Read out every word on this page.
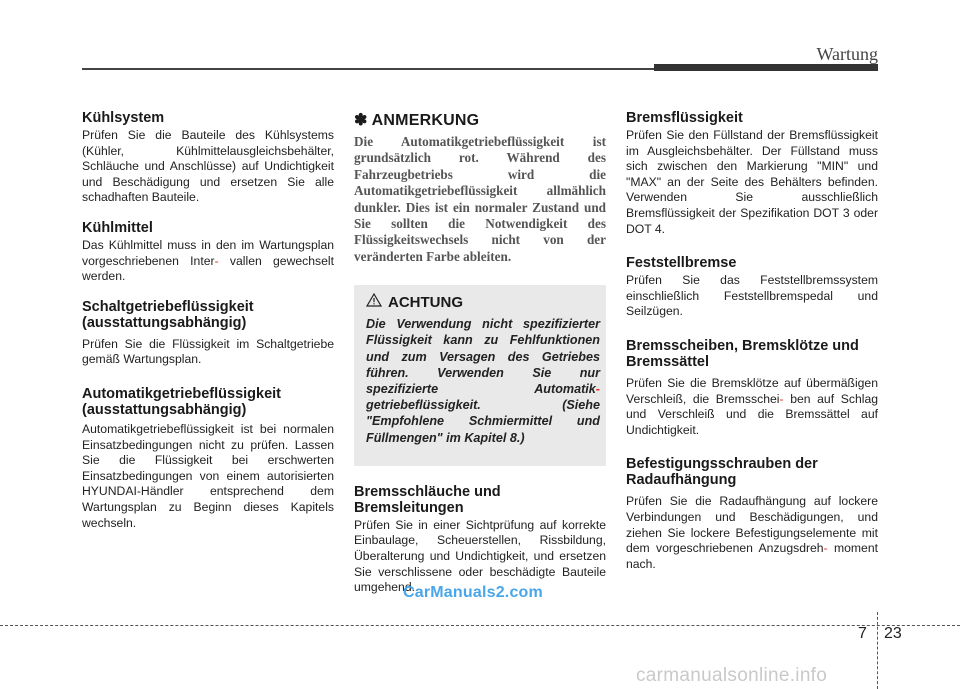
Wartung
Kühlsystem

Prüfen Sie die Bauteile des Kühlsystems (Kühler, Kühlmittelausgleichsbehälter, Schläuche und Anschlüsse) auf Undichtigkeit und Beschädigung und ersetzen Sie alle schadhaften Bauteile.

Kühlmittel

Das Kühlmittel muss in den im Wartungsplan vorgeschriebenen Inter- vallen gewechselt werden.

Schaltgetriebeflüssigkeit
(ausstattungsabhängig)

Prüfen Sie die Flüssigkeit im Schaltgetriebe gemäß Wartungsplan.

Automatikgetriebeflüssigkeit
(ausstattungsabhängig)

Automatikgetriebeflüssigkeit ist bei normalen Einsatzbedingungen nicht zu prüfen. Lassen Sie die Flüssigkeit bei erschwerten Einsatzbedingungen von einem autorisierten HYUNDAI-Händler entsprechend dem Wartungsplan zu Beginn dieses Kapitels wechseln.

✽ ANMERKUNG

Die Automatikgetriebeflüssigkeit ist grundsätzlich rot. Während des Fahrzeugbetriebs wird die Automatikgetriebeflüssigkeit allmählich dunkler. Dies ist ein normaler Zustand und Sie sollten die Notwendigkeit des Flüssigkeitswechsels nicht von der veränderten Farbe ableiten.

ACHTUNG

Die Verwendung nicht spezifizierter Flüssigkeit kann zu Fehlfunktionen und zum Versagen des Getriebes führen. Verwenden Sie nur spezifizierte Automatik- getriebeflüssigkeit. (Siehe "Empfohlene Schmiermittel und Füllmengen" im Kapitel 8.)

Bremsschläuche und
Bremsleitungen

Prüfen Sie in einer Sichtprüfung auf korrekte Einbaulage, Scheuerstellen, Rissbildung, Überalterung und Undichtigkeit, und ersetzen Sie verschlissene oder beschädigte Bauteile umgehend.

Bremsflüssigkeit

Prüfen Sie den Füllstand der Bremsflüssigkeit im Ausgleichsbehälter. Der Füllstand muss sich zwischen den Markierung "MIN" und "MAX" an der Seite des Behälters befinden. Verwenden Sie ausschließlich Bremsflüssigkeit der Spezifikation DOT 3 oder DOT 4.

Feststellbremse

Prüfen Sie das Feststellbremssystem einschließlich Feststellbremspedal und Seilzügen.

Bremsscheiben, Bremsklötze und
Bremssättel

Prüfen Sie die Bremsklötze auf übermäßigen Verschleiß, die Bremsschei- ben auf Schlag und Verschleiß und die Bremssättel auf Undichtigkeit.

Befestigungsschrauben der
Radaufhängung

Prüfen Sie die Radaufhängung auf lockere Verbindungen und Beschädigungen, und ziehen Sie lockere Befestigungselemente mit dem vorgeschriebenen Anzugsdreh- moment nach.

CarManuals2.com
7 23
carmanualsonline.info
